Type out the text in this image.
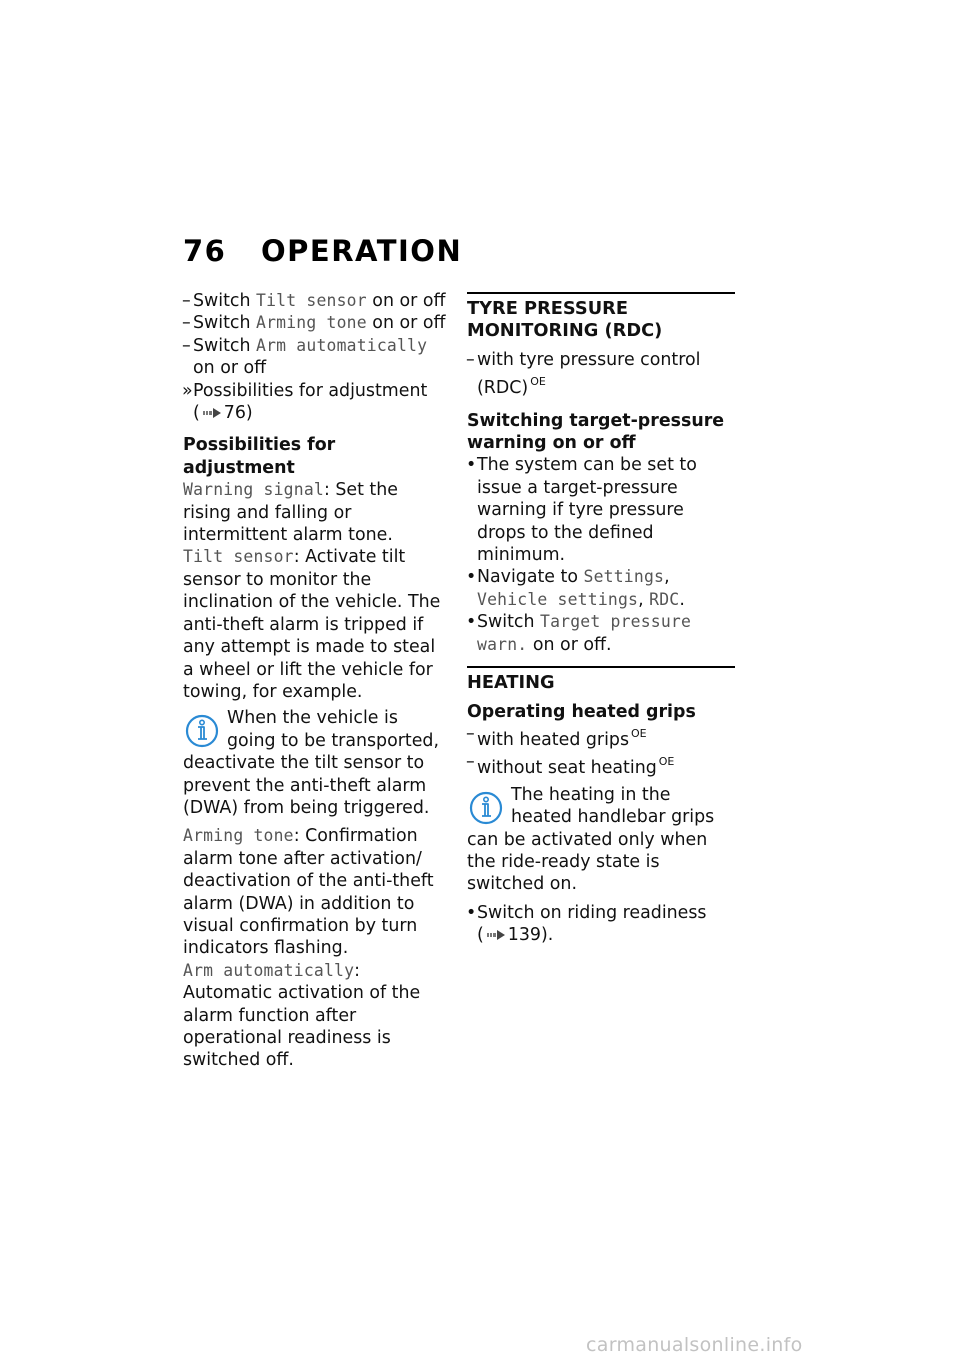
76 OPERATION

– Switch Tilt sensor on or off

– Switch Arming tone on or off

– Switch Arm automatically on or off

» Possibilities for adjustment
( 76)

Possibilities for adjustment

Warning signal: Set the rising and falling or intermittent alarm tone.

Tilt sensor: Activate tilt sensor to monitor the inclination of the vehicle. The anti-theft alarm is tripped if any attempt is made to steal a wheel or lift the vehicle for towing, for example.

When the vehicle is going to be transported, deactivate the tilt sensor to prevent the anti-theft alarm (DWA) from being triggered.

Arming tone: Confirmation alarm tone after activation/ deactivation of the anti-theft alarm (DWA) in addition to visual confirmation by turn indicators flashing.

Arm automatically: Automatic activation of the alarm function after operational readiness is switched off.

TYRE PRESSURE MONITORING (RDC)

– with tyre pressure control (RDC) $^{OE}$

Switching target-pressure warning on or off

• The system can be set to issue a target-pressure warning if tyre pressure drops to the defined minimum.

• Navigate to Settings, Vehicle settings, RDC.

• Switch Target pressure warn. on or off.

HEATING

Operating heated grips

– with heated grips $^{OE}$

– without seat heating $^{OE}$

The heating in the heated handlebar grips can be activated only when the ride-ready state is switched on.

• Switch on riding readiness
( 139).

carmanualsonline.info
